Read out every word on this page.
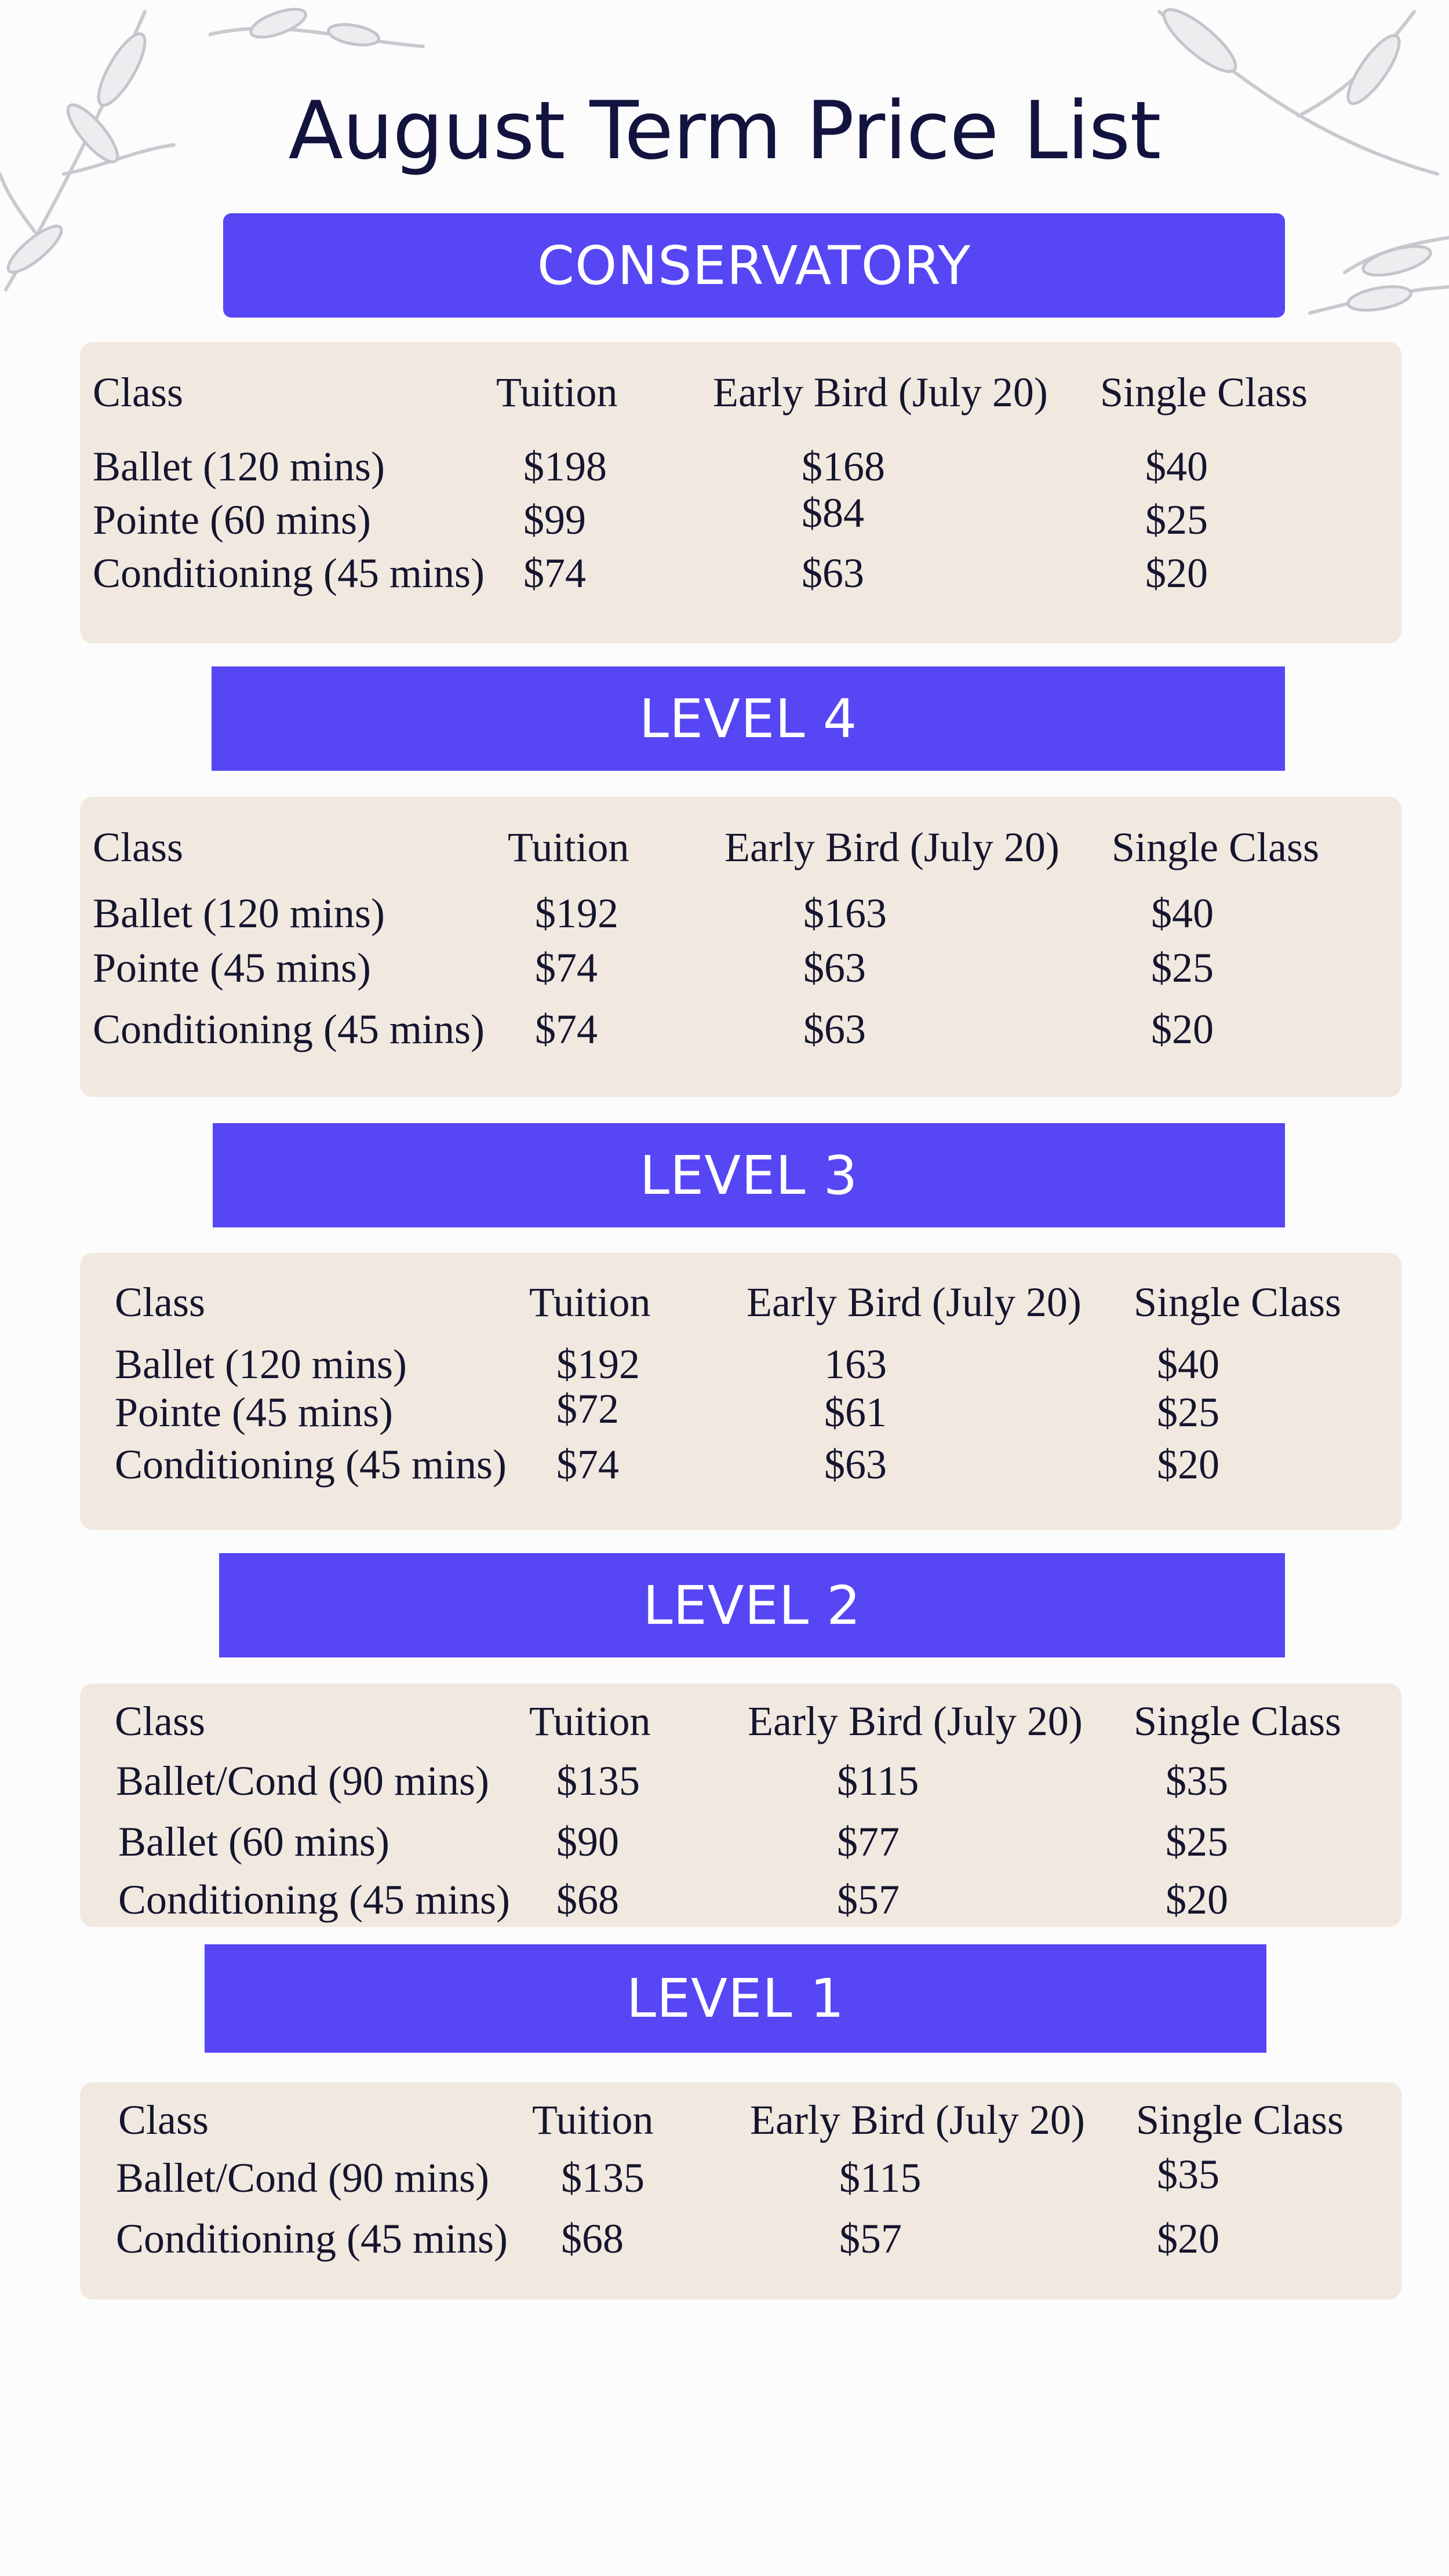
August Term Price List
CONSERVATORY
Class	Tuition Early Bird (July 20) Single Class
Ballet (120 mins)	$198	$168	$40
Pointe (60 mins)	$99	$84	$25
Conditioning (45 mins) $74	$63	$20
LEVEL 4
Class	Tuition Early Bird (July 20) Single Class
Ballet (120 mins)	$192	$163	$40
Pointe (45 mins)	$74	$63	$25
Conditioning (45 mins) $74	$63	$20
LEVEL 3
Class	Tuition Early Bird (July 20) Single Class
Ballet (120 mins)	$192	163	$40
Pointe (45 mins)	$72	$61	$25
Conditioning (45 mins) $74	$63	$20
LEVEL 2
Class	Tuition Early Bird (July 20) Single Class
Ballet/Cond (90 mins) $135	$115	$35
Ballet (60 mins)	$90	$77	$25
Conditioning (45 mins) $68	$57	$20
LEVEL 1
Class	Tuition Early Bird (July 20) Single Class
Ballet/Cond (90 mins) $135	$115	$35
Conditioning (45 mins) $68	$57	$20
